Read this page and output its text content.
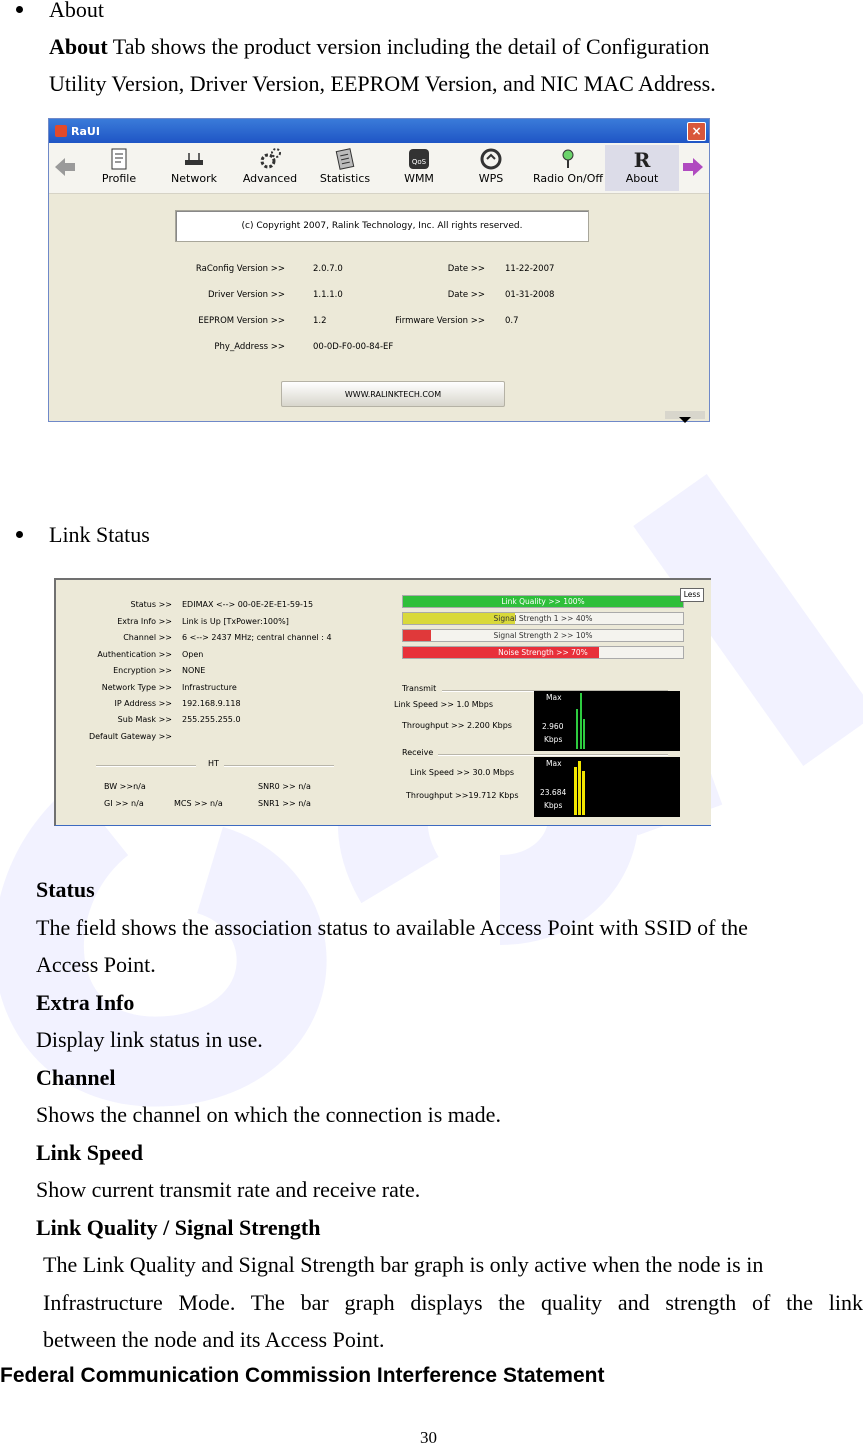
About
About Tab shows the product version including the detail of Configuration
Utility Version, Driver Version, EEPROM Version, and NIC MAC Address.
RaUI	×
Profile	Network	Advanced	Statistics
QoS
WMM	WPS	Radio On/Off
R
About
(c) Copyright 2007, Ralink Technology, Inc. All rights reserved.
RaConfig Version >>	2.0.7.0	Date >> 11-22-2007
Driver Version >>	1.1.1.0	Date >> 01-31-2008
EEPROM Version >>	1.2	Firmware Version >> 0.7
Phy_Address >>	00-0D-F0-00-84-EF
WWW.RALINKTECH.COM
Link Status
Status >> EDIMAX <--> 00-0E-2E-E1-59-15
Extra Info >> Link is Up [TxPower:100%]
Channel >> 6 <--> 2437 MHz; central channel : 4
Authentication >> Open
Encryption >> NONE
Network Type >> Infrastructure
IP Address >> 192.168.9.118
Sub Mask >> 255.255.255.0
Default Gateway >>
HT
BW >>n/a	SNR0 >> n/a
GI >> n/a	MCS >> n/a	SNR1 >> n/a
Link Quality >> 100%
Signal Strength 1 >> 40%
Signal Strength 2 >> 10%
Noise Strength >> 70%
Less
Transmit
Link Speed >> 1.0 Mbps
Throughput >> 2.200 Kbps
Max
2.960
Kbps
Receive
Link Speed >> 30.0 Mbps
Throughput >>19.712 Kbps
Max
23.684
Kbps
Status
The field shows the association status to available Access Point with SSID of the
Access Point.
Extra Info
Display link status in use.
Channel
Shows the channel on which the connection is made.
Link Speed
Show current transmit rate and receive rate.
Link Quality / Signal Strength
The Link Quality and Signal Strength bar graph is only active when the node is in
Infrastructure Mode. The bar graph displays the quality and strength of the link
between the node and its Access Point.
Federal Communication Commission Interference Statement
30
